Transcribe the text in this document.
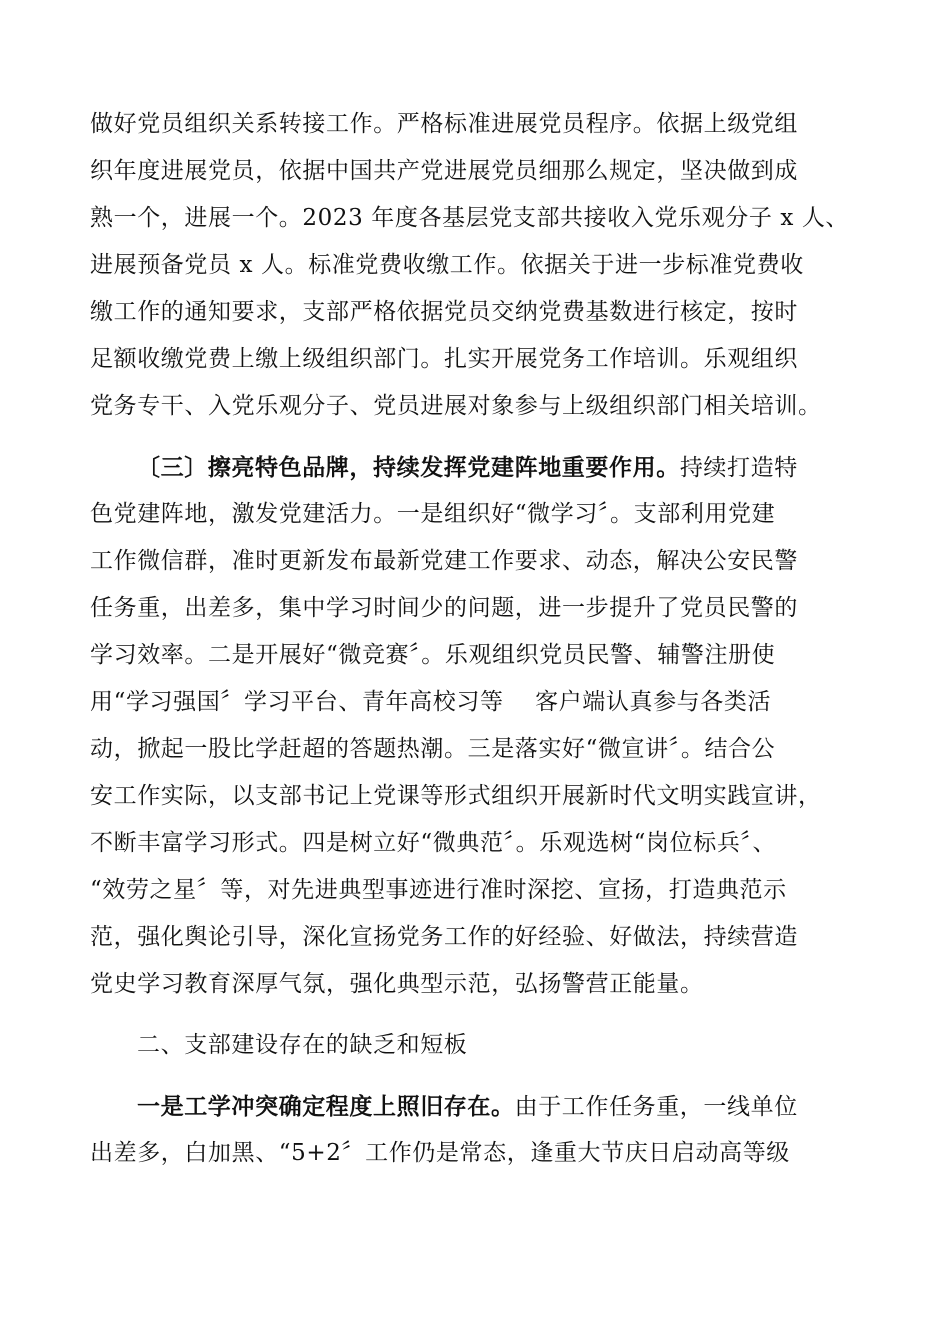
做好党员组织关系转接工作。严格标准进展党员程序。依据上级党组
织年度进展党员，依据中国共产党进展党员细那么规定，坚决做到成
熟一个，进展一个。2023 年度各基层党支部共接收入党乐观分子 x 人、
进展预备党员 x 人。标准党费收缴工作。依据关于进一步标准党费收
缴工作的通知要求，支部严格依据党员交纳党费基数进行核定，按时
足额收缴党费上缴上级组织部门。扎实开展党务工作培训。乐观组织
党务专干、入党乐观分子、党员进展对象参与上级组织部门相关培训。
〔三〕擦亮特色品牌，持续发挥党建阵地重要作用。持续打造特
色党建阵地，激发党建活力。一是组织好“微学习〞。支部利用党建
工作微信群，准时更新发布最新党建工作要求、动态，解决公安民警
任务重，出差多，集中学习时间少的问题，进一步提升了党员民警的
学习效率。二是开展好“微竞赛〞。乐观组织党员民警、辅警注册使
用“学习强国〞学习平台、青年高校习等　 客户端认真参与各类活
动，掀起一股比学赶超的答题热潮。三是落实好“微宣讲〞。结合公
安工作实际，以支部书记上党课等形式组织开展新时代文明实践宣讲，
不断丰富学习形式。四是树立好“微典范〞。乐观选树“岗位标兵〞、
“效劳之星〞等，对先进典型事迹进行准时深挖、宣扬，打造典范示
范，强化舆论引导，深化宣扬党务工作的好经验、好做法，持续营造
党史学习教育深厚气氛，强化典型示范，弘扬警营正能量。
二、支部建设存在的缺乏和短板
一是工学冲突确定程度上照旧存在。由于工作任务重，一线单位
出差多，白加黑、“5+2〞工作仍是常态，逢重大节庆日启动高等级
